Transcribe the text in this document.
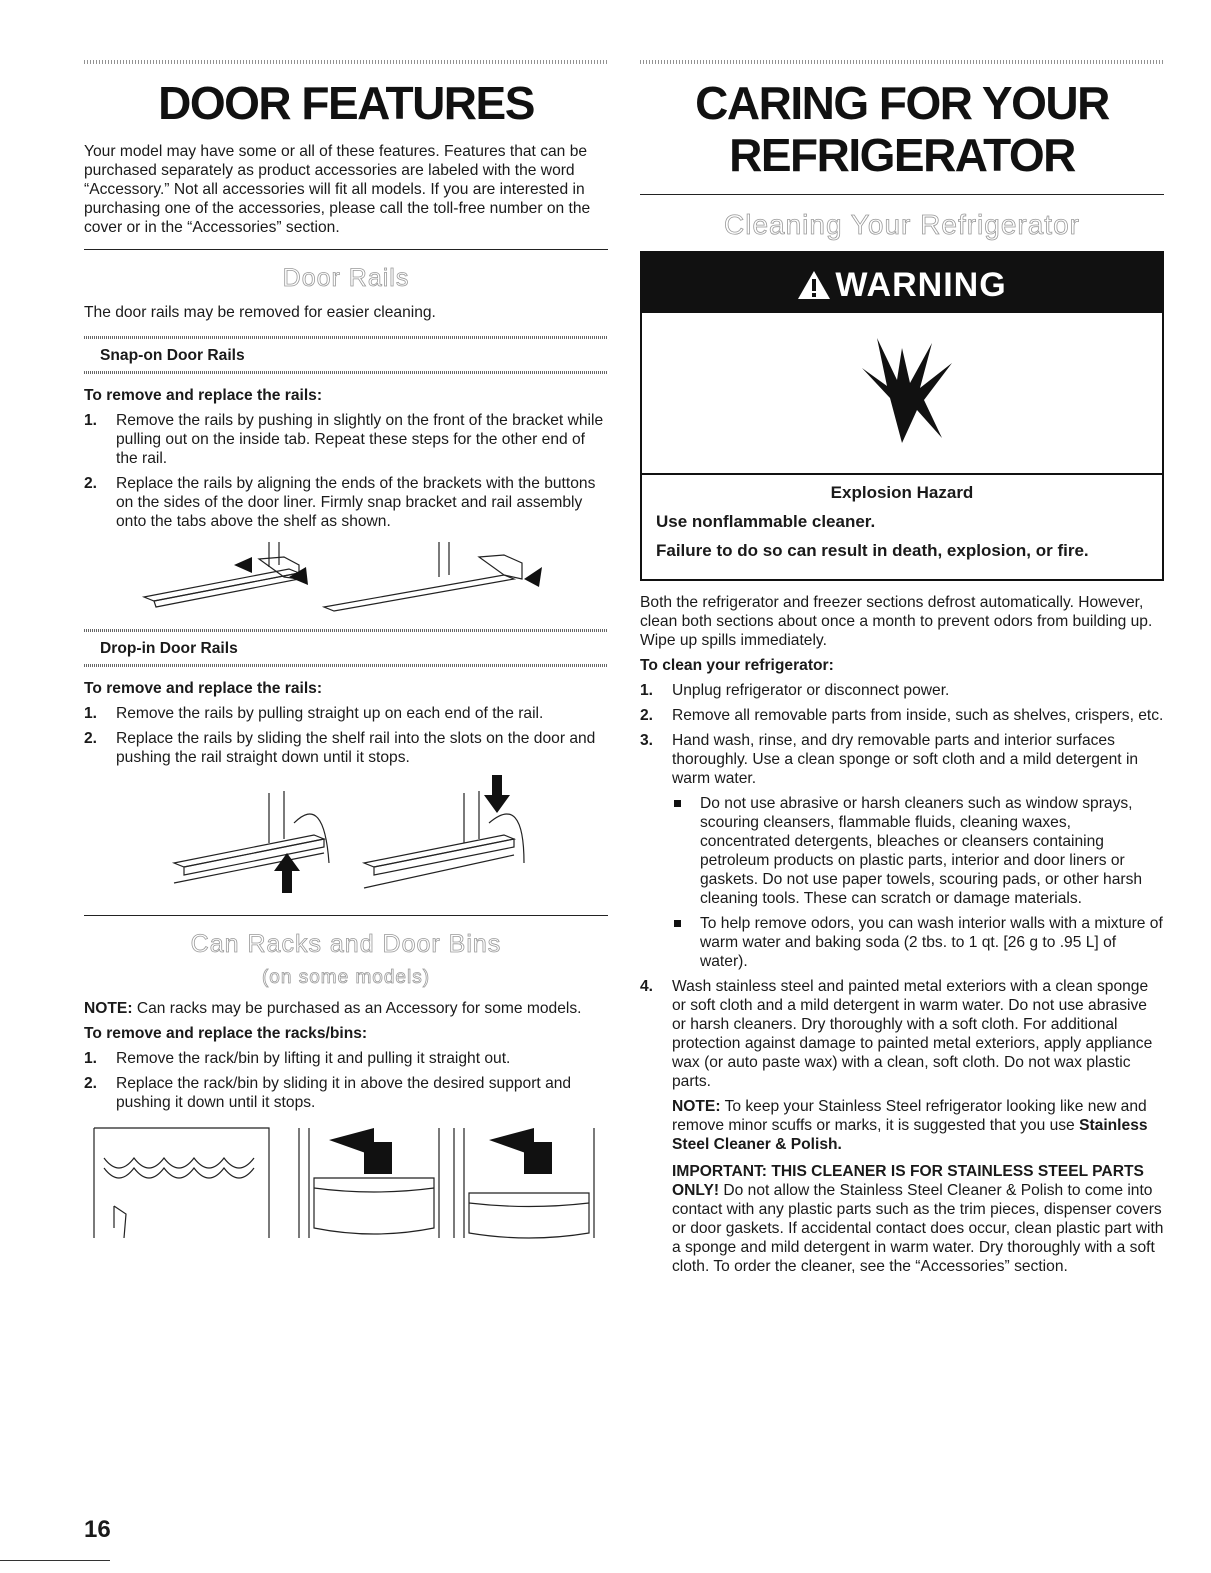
DOOR FEATURES

Your model may have some or all of these features. Features that can be purchased separately as product accessories are labeled with the word “Accessory.” Not all accessories will fit all models. If you are interested in purchasing one of the accessories, please call the toll-free number on the cover or in the “Accessories” section.

Door Rails

The door rails may be removed for easier cleaning.

Snap-on Door Rails

To remove and replace the rails:

1. Remove the rails by pushing in slightly on the front of the bracket while pulling out on the inside tab. Repeat these steps for the other end of the rail.
2. Replace the rails by aligning the ends of the brackets with the buttons on the sides of the door liner. Firmly snap bracket and rail assembly onto the tabs above the shelf as shown.
Drop-in Door Rails

To remove and replace the rails:

1. Remove the rails by pulling straight up on each end of the rail.
2. Replace the rails by sliding the shelf rail into the slots on the door and pushing the rail straight down until it stops.
Can Racks and Door Bins
(on some models)

NOTE: Can racks may be purchased as an Accessory for some models.

To remove and replace the racks/bins:

1. Remove the rack/bin by lifting it and pulling it straight out.
2. Replace the rack/bin by sliding it in above the desired support and pushing it down until it stops.
CARING FOR YOUR
REFRIGERATOR
Cleaning Your Refrigerator
WARNING
Explosion Hazard
Use nonflammable cleaner.
Failure to do so can result in death, explosion, or fire.

Both the refrigerator and freezer sections defrost automatically. However, clean both sections about once a month to prevent odors from building up. Wipe up spills immediately.

To clean your refrigerator:

1. Unplug refrigerator or disconnect power.
2. Remove all removable parts from inside, such as shelves, crispers, etc.
3. Hand wash, rinse, and dry removable parts and interior surfaces thoroughly. Use a clean sponge or soft cloth and a mild detergent in warm water.
Do not use abrasive or harsh cleaners such as window sprays, scouring cleansers, flammable fluids, cleaning waxes, concentrated detergents, bleaches or cleansers containing petroleum products on plastic parts, interior and door liners or gaskets. Do not use paper towels, scouring pads, or other harsh cleaning tools. These can scratch or damage materials.
To help remove odors, you can wash interior walls with a mixture of warm water and baking soda (2 tbs. to 1 qt. [26 g to .95 L] of water).
4. Wash stainless steel and painted metal exteriors with a clean sponge or soft cloth and a mild detergent in warm water. Do not use abrasive or harsh cleaners. Dry thoroughly with a soft cloth. For additional protection against damage to painted metal exteriors, apply appliance wax (or auto paste wax) with a clean, soft cloth. Do not wax plastic parts.

NOTE: To keep your Stainless Steel refrigerator looking like new and remove minor scuffs or marks, it is suggested that you use Stainless Steel Cleaner & Polish.

IMPORTANT: THIS CLEANER IS FOR STAINLESS STEEL PARTS ONLY! Do not allow the Stainless Steel Cleaner & Polish to come into contact with any plastic parts such as the trim pieces, dispenser covers or door gaskets. If accidental contact does occur, clean plastic part with a sponge and mild detergent in warm water. Dry thoroughly with a soft cloth. To order the cleaner, see the “Accessories” section.

16
